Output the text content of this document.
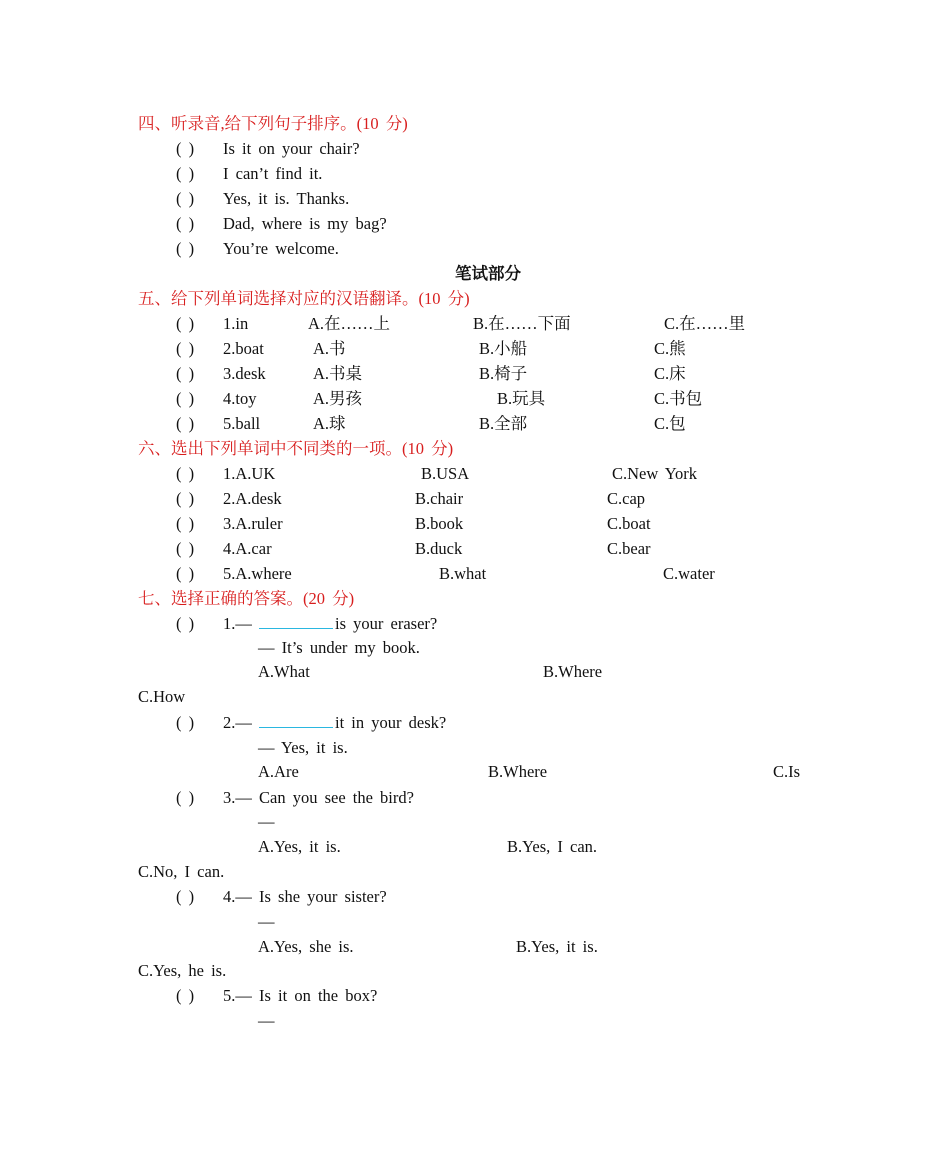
四、听录音,给下列句子排序。(10 分)
( ) Is it on your chair?
( ) I can’t find it.
( ) Yes, it is. Thanks.
( ) Dad, where is my bag?
( ) You’re welcome.
笔试部分
五、给下列单词选择对应的汉语翻译。(10 分)
( ) 1.in	A.在……上	B.在……下面	C.在……里
( ) 2.boat	A.书	B.小船	C.熊
( ) 3.desk	A.书桌	B.椅子	C.床
( ) 4.toy	A.男孩	B.玩具	C.书包
( ) 5.ball	A.球	B.全部	C.包
六、选出下列单词中不同类的一项。(10 分)
( ) 1.A.UK	B.USA	C.New York
( ) 2.A.desk	B.chair	C.cap
( ) 3.A.ruler	B.book	C.boat
( ) 4.A.car	B.duck	C.bear
( ) 5.A.where	B.what	C.water
七、选择正确的答案。(20 分)
( ) 1.—	is your eraser?
— It’s under my book.
A.What	B.Where
C.How
( ) 2.—	it in your desk?
— Yes, it is.
A.Are	B.Where	C.Is
( ) 3.— Can you see the bird?
—
A.Yes, it is.	B.Yes, I can.
C.No, I can.
( ) 4.— Is she your sister?
—
A.Yes, she is.	B.Yes, it is.
C.Yes, he is.
( ) 5.— Is it on the box?
—
